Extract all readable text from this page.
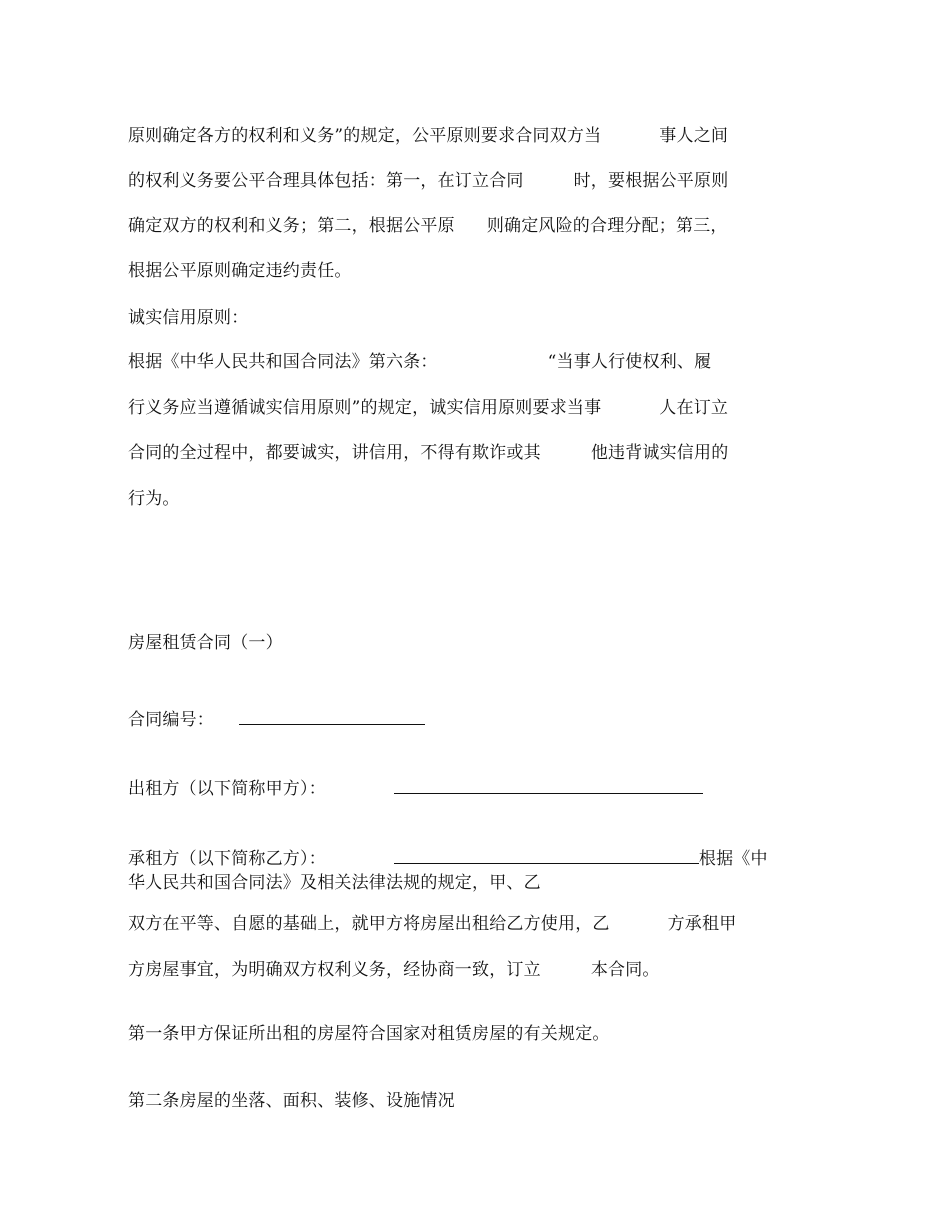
原则确定各方的权利和义务”的规定，公平原则要求合同双方当	事人之间
的权利义务要公平合理具体包括：第一，在订立合同	时，要根据公平原则
确定双方的权利和义务；第二，根据公平原 则确定风险的合理分配；第三，
根据公平原则确定违约责任。
诚实信用原则：
根据《中华人民共和国合同法》第六条：	“当事人行使权利、履
行义务应当遵循诚实信用原则”的规定，诚实信用原则要求当事	人在订立
合同的全过程中，都要诚实，讲信用，不得有欺诈或其	他违背诚实信用的
行为。
房屋租赁合同（一）
合同编号：
出租方（以下简称甲方）：
承租方（以下简称乙方）：	根据《中
华人民共和国合同法》及相关法律法规的规定，甲、乙
双方在平等、自愿的基础上，就甲方将房屋出租给乙方使用，乙	方承租甲
方房屋事宜，为明确双方权利义务，经协商一致，订立	本合同。
第一条甲方保证所出租的房屋符合国家对租赁房屋的有关规定。
第二条房屋的坐落、面积、装修、设施情况
